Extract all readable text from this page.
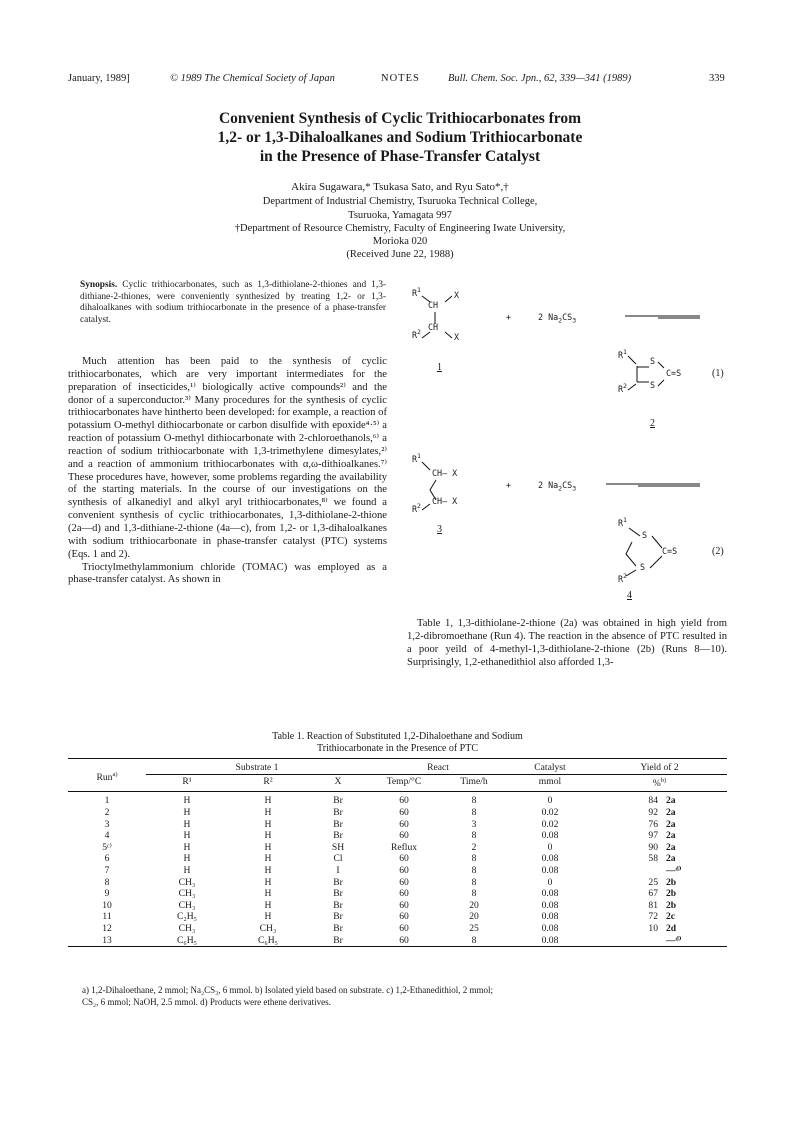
January, 1989]	© 1989 The Chemical Society of Japan	NOTES	Bull. Chem. Soc. Jpn., 62, 339—341 (1989)	339
Convenient Synthesis of Cyclic Trithiocarbonates from
1,2- or 1,3-Dihaloalkanes and Sodium Trithiocarbonate
in the Presence of Phase-Transfer Catalyst
Akira Sugawara,* Tsukasa Sato, and Ryu Sato*,†
Department of Industrial Chemistry, Tsuruoka Technical College,
Tsuruoka, Yamagata 997
†Department of Resource Chemistry, Faculty of Engineering Iwate University,
Morioka 020
(Received June 22, 1988)
Synopsis. Cyclic trithiocarbonates, such as 1,3-dithiolane-2-thiones and 1,3-dithiane-2-thiones, were conveniently synthesized by treating 1,2- or 1,3-dihaloalkanes with sodium trithiocarbonate in the presence of a phase-transfer catalyst.

Much attention has been paid to the synthesis of cyclic trithiocarbonates, which are very important intermediates for the preparation of insecticides,¹⁾ biologically active compounds²⁾ and the donor of a superconductor.³⁾ Many procedures for the synthesis of cyclic trithiocarbonates have hintherto been developed: for example, a reaction of potassium O-methyl dithiocarbonate or carbon disulfide with epoxide⁴·⁵⁾ a reaction of potassium O-methyl dithiocarbonate with 2-chloroethanols,⁶⁾ a reaction of sodium trithiocarbonate with 1,3-trimethylene dimesylates,²⁾ and a reaction of ammonium trithiocarbonates with α,ω-dithioalkanes.⁷⁾ These procedures have, however, some problems regarding the availability of the starting materials. In the course of our investigations on the synthesis of alkanediyl and alkyl aryl trithiocarbonates,⁸⁾ we found a convenient synthesis of cyclic trithiocarbonates, 1,3-dithiolane-2-thione (2a—d) and 1,3-dithiane-2-thione (4a—c), from 1,2- or 1,3-dihaloalkanes with sodium trithiocarbonate in phase-transfer catalyst (PTC) systems (Eqs. 1 and 2).

Trioctylmethylammonium chloride (TOMAC) was employed as a phase-transfer catalyst. As shown in

$R^1$	X
CH
$R^2$ CH
X
1
+	2 $Na_2CS_3$
$R^1$
S
C=S
$R^2$	S
(1)
2
$R^1$
CH— X
$R^2$ CH— X
3
+	2 $Na_2CS_3$
$R^1$
S
C=S
S
$R^2$
(2)
4
Table 1, 1,3-dithiolane-2-thione (2a) was obtained in high yield from 1,2-dibromoethane (Run 4). The reaction in the absence of PTC resulted in a poor yeild of 4-methyl-1,3-dithiolane-2-thione (2b) (Runs 8—10). Surprisingly, 1,2-ethanedithiol also afforded 1,3-
Table 1. Reaction of Substituted 1,2-Dihaloethane and Sodium
Trithiocarbonate in the Presence of PTC
Run$^{a)}$	Substrate 1			React		Catalyst	Yield of 2	
	R¹	R²	X	Temp/°C	Time/h	mmol	%$^{b)}$
1	H	H	Br	60	8	0	84	2a
2	H	H	Br	60	8	0.02	92	2a
3	H	H	Br	60	3	0.02	76	2a
4	H	H	Br	60	8	0.08	97	2a
5ᶜ⁾	H	H	SH	Reflux	2	0	90	2a
6	H	H	Cl	60	8	0.08	58	2a
7	H	H	I	60	8	0.08		—ᵈ⁾
8	CH₃	H	Br	60	8	0	25	2b
9	CH₃	H	Br	60	8	0.08	67	2b
10	CH₃	H	Br	60	20	0.08	81	2b
11	C₂H₅	H	Br	60	20	0.08	72	2c
12	CH₃	CH₃	Br	60	25	0.08	10	2d
13	C₆H₅	C₆H₅	Br	60	8	0.08		—ᵈ⁾
a) 1,2-Dihaloethane, 2 mmol; Na₂CS₃, 6 mmol. b) Isolated yield based on substrate. c) 1,2-Ethanedithiol, 2 mmol;
CS₂, 6 mmol; NaOH, 2.5 mmol. d) Products were ethene derivatives.
